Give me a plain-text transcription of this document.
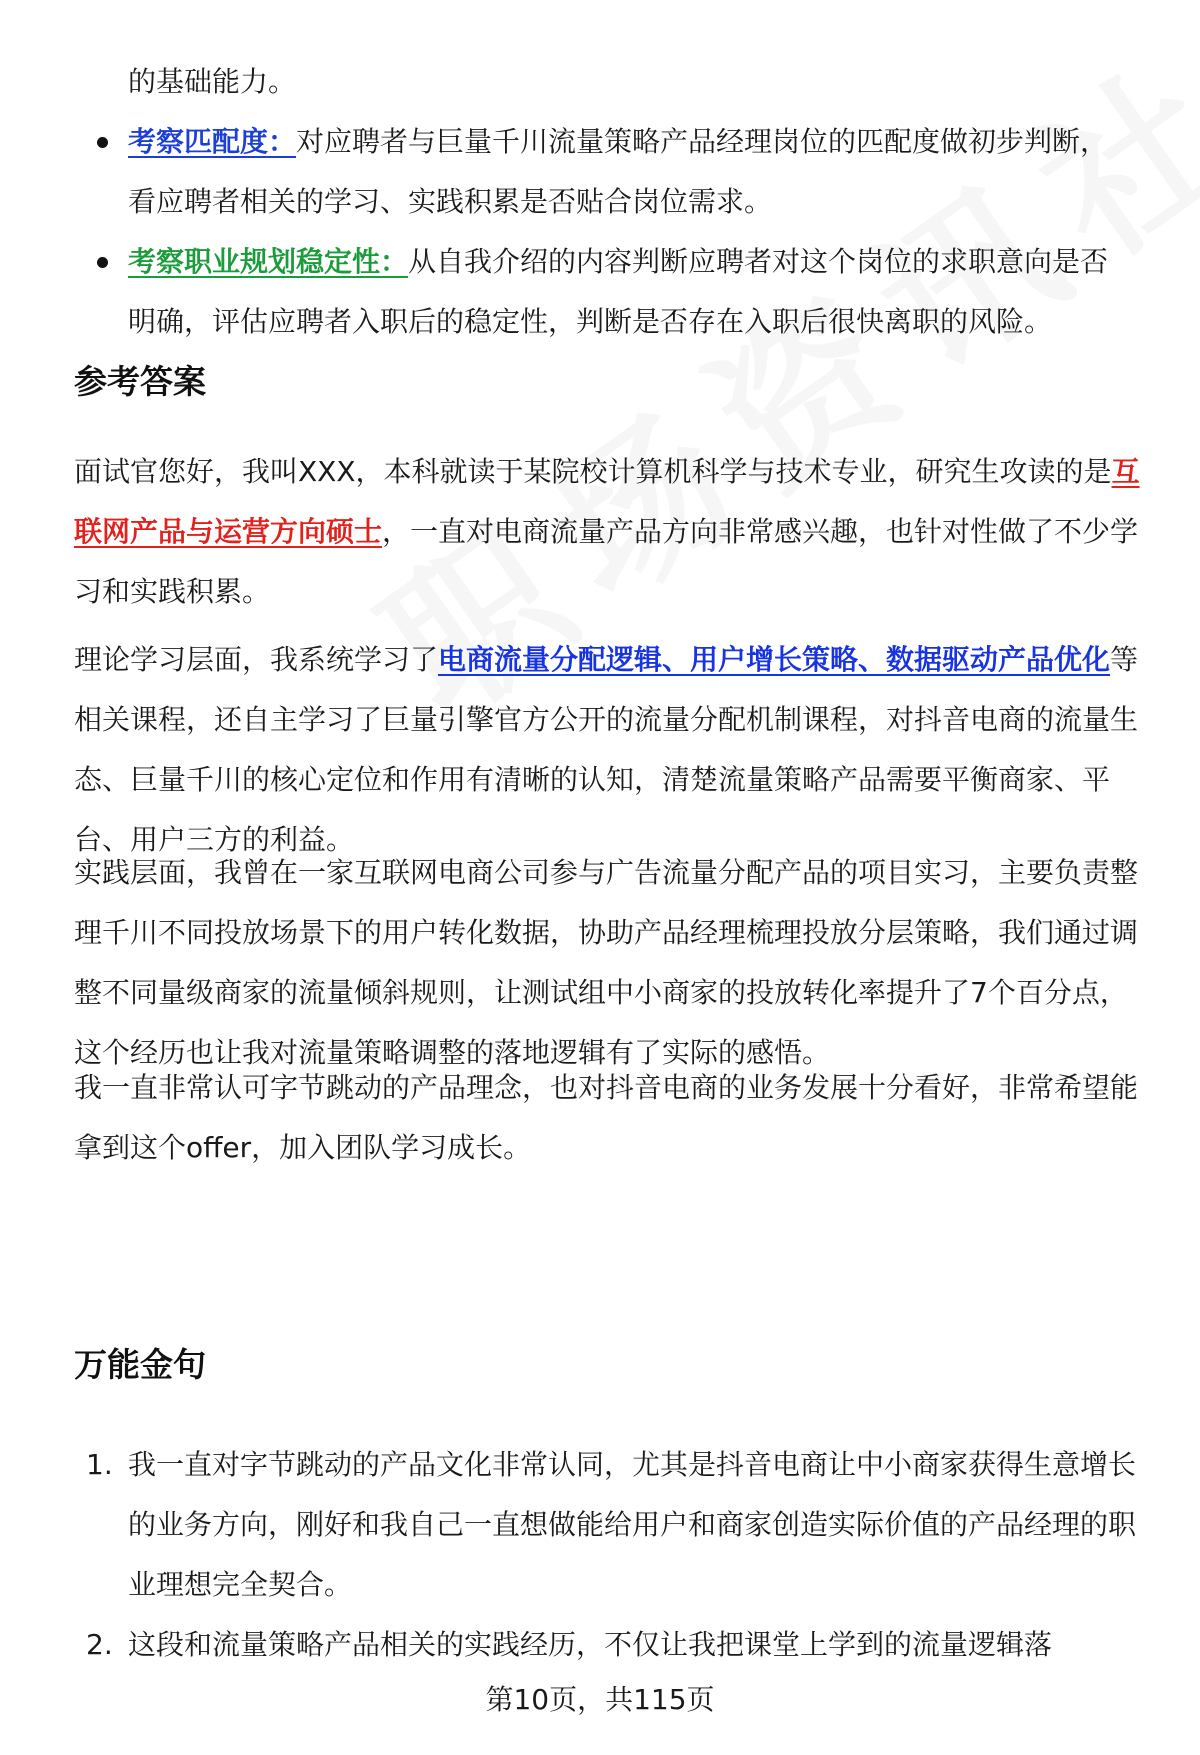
的基础能力。
考察匹配度：对应聘者与巨量千川流量策略产品经理岗位的匹配度做初步判断，看应聘者相关的学习、实践积累是否贴合岗位需求。
考察职业规划稳定性：从自我介绍的内容判断应聘者对这个岗位的求职意向是否明确，评估应聘者入职后的稳定性，判断是否存在入职后很快离职的风险。
参考答案
面试官您好，我叫XXX，本科就读于某院校计算机科学与技术专业，研究生攻读的是互联网产品与运营方向硕士，一直对电商流量产品方向非常感兴趣，也针对性做了不少学习和实践积累。
理论学习层面，我系统学习了电商流量分配逻辑、用户增长策略、数据驱动产品优化等相关课程，还自主学习了巨量引擎官方公开的流量分配机制课程，对抖音电商的流量生态、巨量千川的核心定位和作用有清晰的认知，清楚流量策略产品需要平衡商家、平台、用户三方的利益。
实践层面，我曾在一家互联网电商公司参与广告流量分配产品的项目实习，主要负责整理千川不同投放场景下的用户转化数据，协助产品经理梳理投放分层策略，我们通过调整不同量级商家的流量倾斜规则，让测试组中小商家的投放转化率提升了7个百分点，这个经历也让我对流量策略调整的落地逻辑有了实际的感悟。
我一直非常认可字节跳动的产品理念，也对抖音电商的业务发展十分看好，非常希望能拿到这个offer，加入团队学习成长。
万能金句
1. 我一直对字节跳动的产品文化非常认同，尤其是抖音电商让中小商家获得生意增长的业务方向，刚好和我自己一直想做能给用户和商家创造实际价值的产品经理的职业理想完全契合。
2. 这段和流量策略产品相关的实践经历，不仅让我把课堂上学到的流量逻辑落
第10页，共115页
